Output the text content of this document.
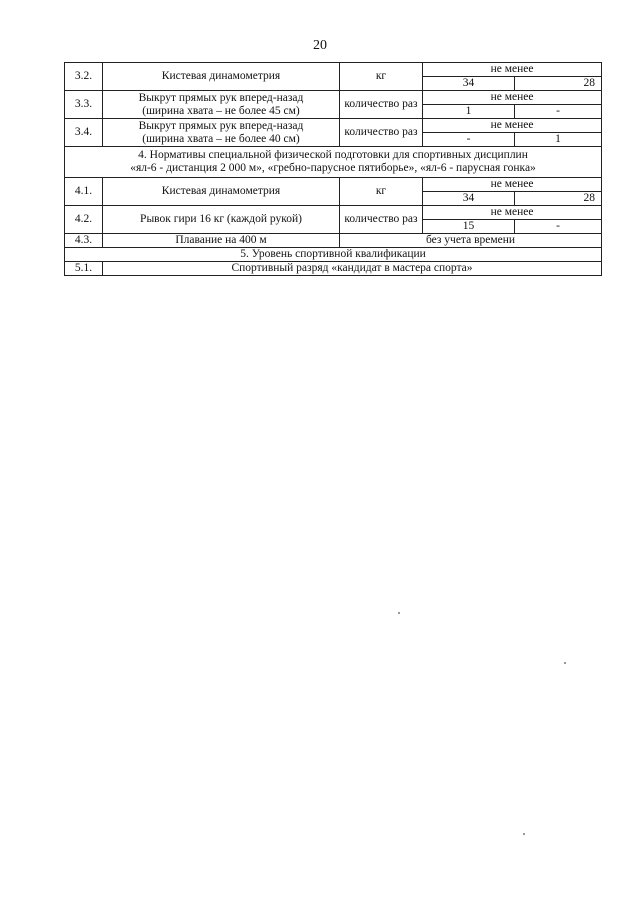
20
3.2.	Кистевая динамометрия	кг	не менее	
			34	28
3.3.	Выкрут прямых рук вперед-назад
(ширина хвата – не более 45 см)	количество раз	не менее	
			1	-
3.4.	Выкрут прямых рук вперед-назад
(ширина хвата – не более 40 см)	количество раз	не менее	
			-	1
4. Нормативы специальной физической подготовки для спортивных дисциплин
«ял-6 - дистанция 2 000 м», «гребно-парусное пятиборье», «ял-6 - парусная гонка»				
4.1.	Кистевая динамометрия	кг	не менее	
			34	28
4.2.	Рывок гири 16 кг (каждой рукой)	количество раз	не менее	
			15	-
4.3.	Плавание на 400 м	без учета времени		
5. Уровень спортивной квалификации				
5.1.	Спортивный разряд «кандидат в мастера спорта»			
